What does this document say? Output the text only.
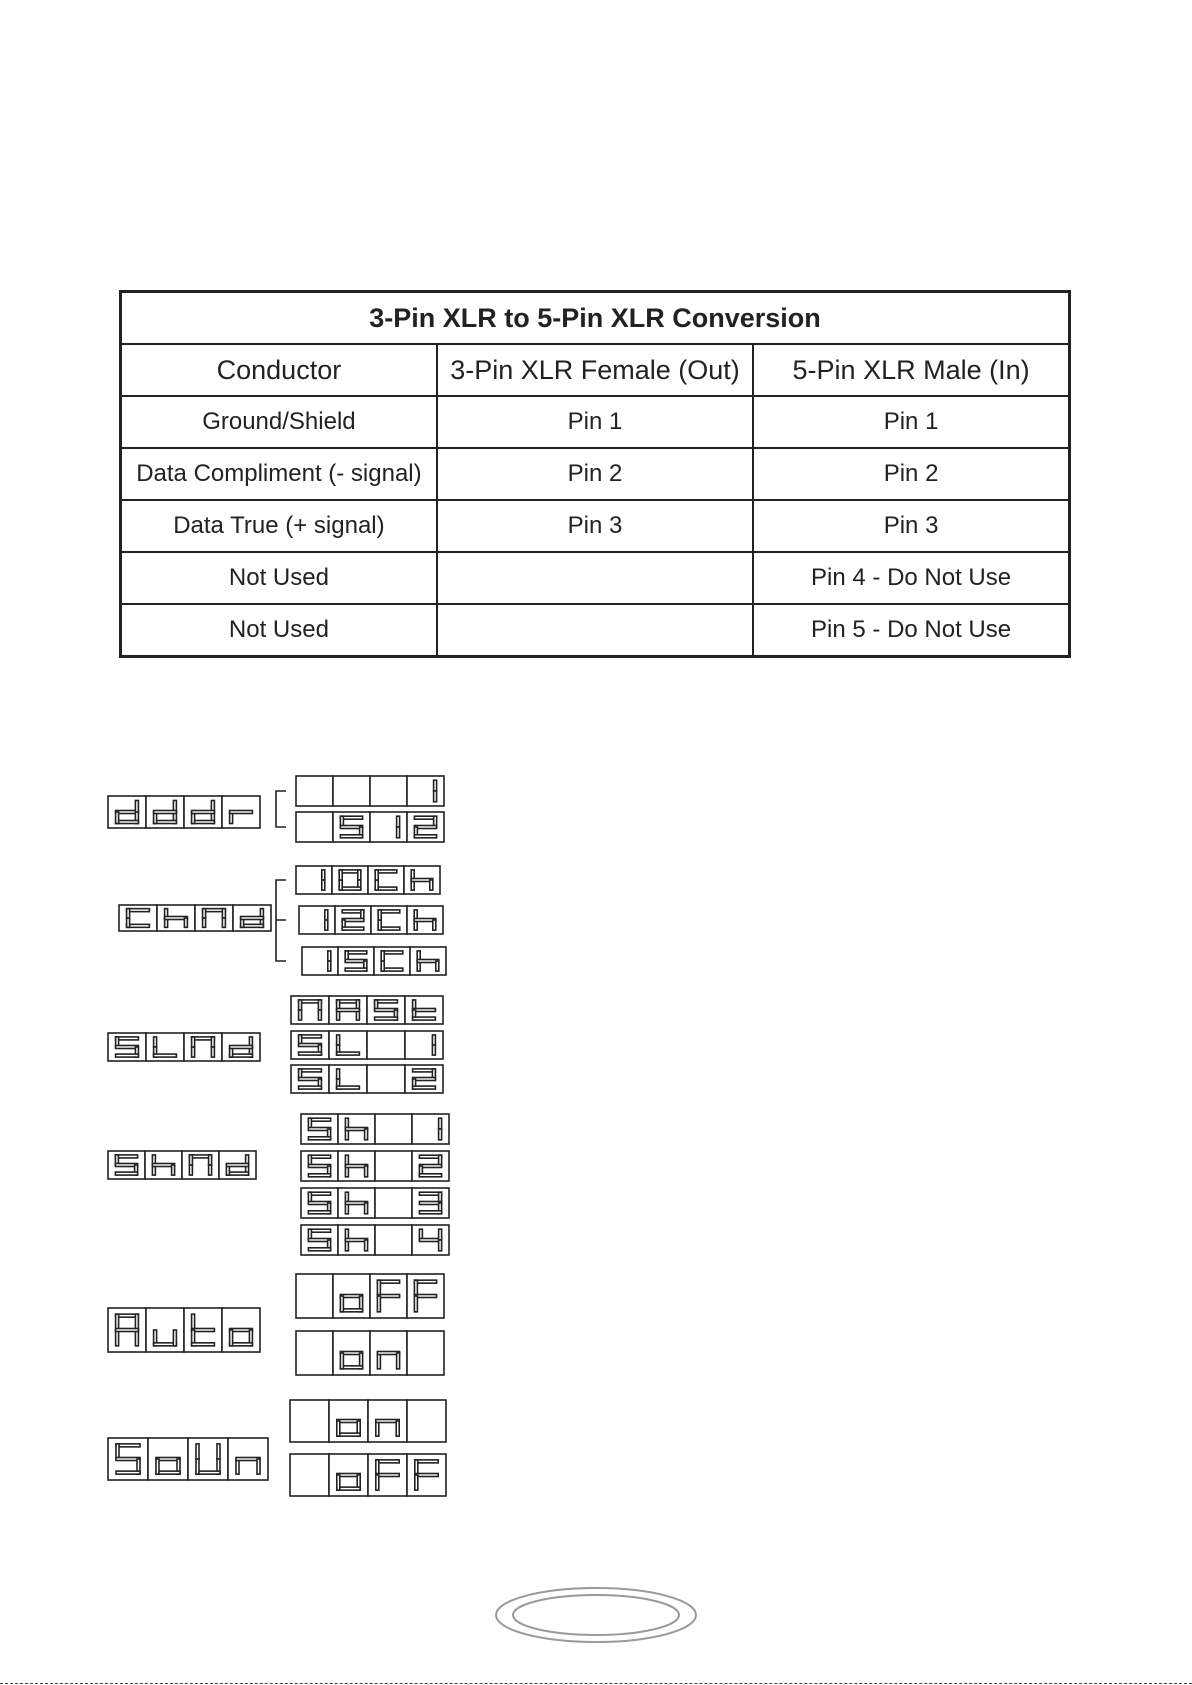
3-Pin XLR to 5-Pin XLR Conversion		
Conductor	3-Pin XLR Female (Out)	5-Pin XLR Male (In)
Ground/Shield	Pin 1	Pin 1
Data Compliment (- signal)	Pin 2	Pin 2
Data True (+ signal)	Pin 3	Pin 3
Not Used		Pin 4 - Do Not Use
Not Used		Pin 5 - Do Not Use
